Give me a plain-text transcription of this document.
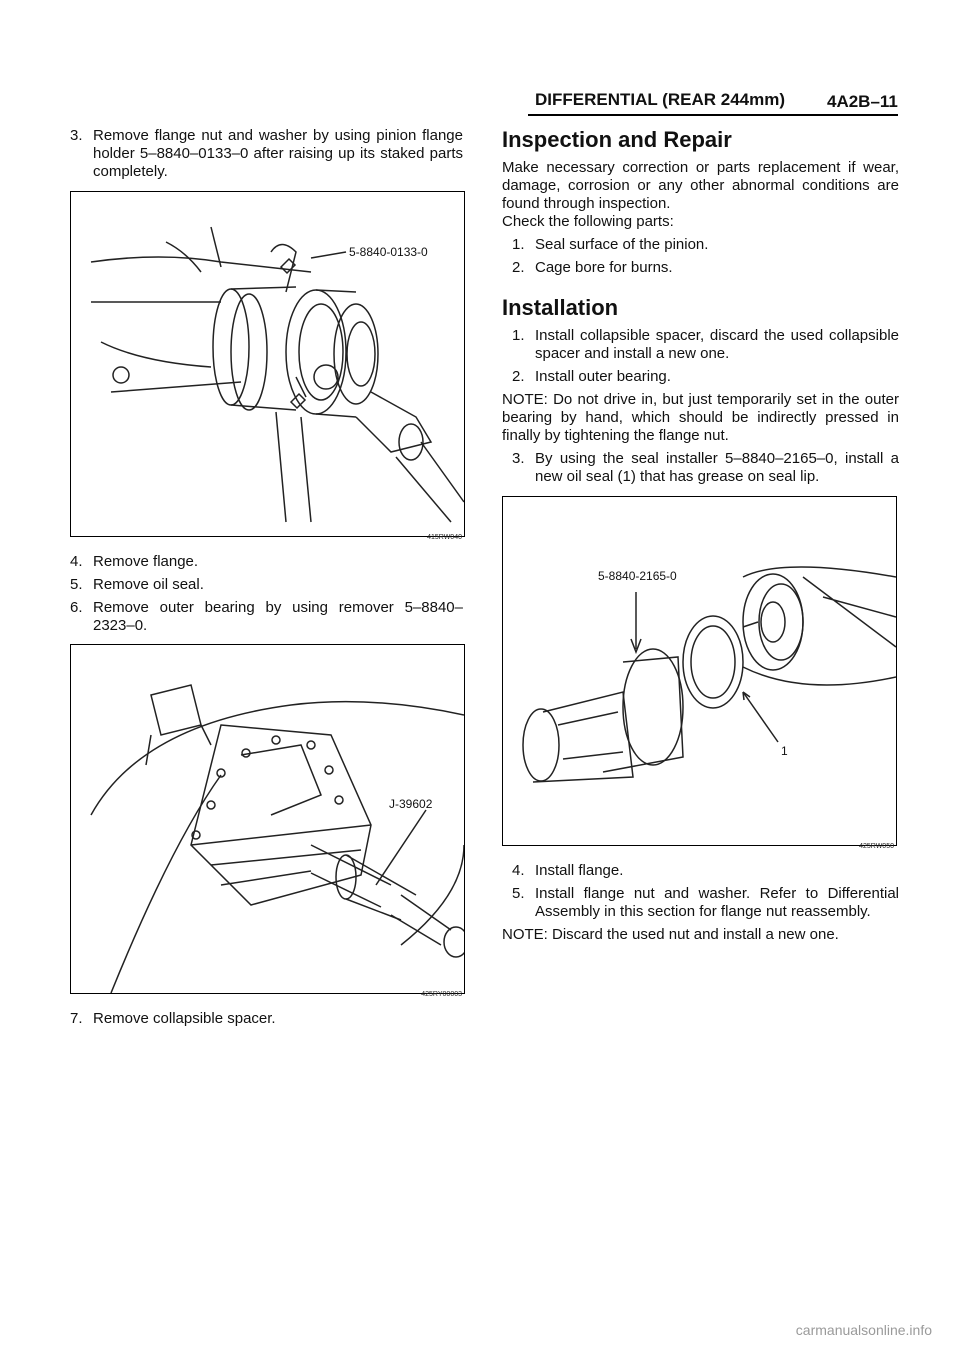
DIFFERENTIAL (REAR 244mm) 4A2B–11
3. Remove flange nut and washer by using pinion flange holder 5–8840–0133–0 after raising up its staked parts completely.
5-8840-0133-0
415RW040
4. Remove flange.
5. Remove oil seal.
6. Remove outer bearing by using remover 5–8840–2323–0.
J-39602
425RY00003
7. Remove collapsible spacer.
Inspection and Repair

Make necessary correction or parts replacement if wear, damage, corrosion or any other abnormal conditions are found through inspection.

Check the following parts:

1. Seal surface of the pinion.
2. Cage bore for burns.
Installation
1. Install collapsible spacer, discard the used collapsible spacer and install a new one.
2. Install outer bearing.

NOTE: Do not drive in, but just temporarily set in the outer bearing by hand, which should be indirectly pressed in finally by tightening the flange nut.

3. By using the seal installer 5–8840–2165–0, install a new oil seal (1) that has grease on seal lip.
5-8840-2165-0
1
425RW050
4. Install flange.
5. Install flange nut and washer. Refer to Differential Assembly in this section for flange nut reassembly.

NOTE: Discard the used nut and install a new one.

carmanualsonline.info
